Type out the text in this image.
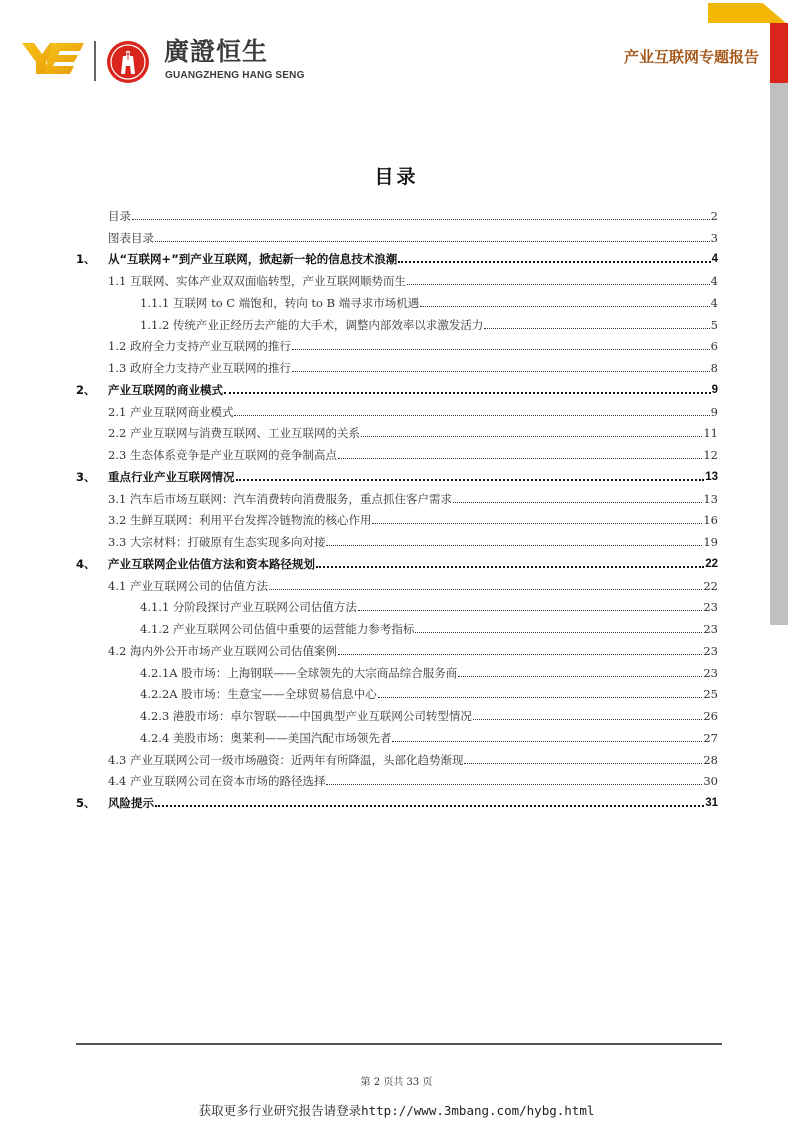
廣證恒生
GUANGZHENG HANG SENG
产业互联网专题报告
目录
目录	2
图表目录	3
1、 从“互联网+”到产业互联网，掀起新一轮的信息技术浪潮	4
1.1 互联网、实体产业双双面临转型，产业互联网顺势而生	4
1.1.1 互联网 to C 端饱和，转向 to B 端寻求市场机遇	4
1.1.2 传统产业正经历去产能的大手术，调整内部效率以求激发活力	5
1.2 政府全力支持产业互联网的推行	6
1.3 政府全力支持产业互联网的推行	8
2、 产业互联网的商业模式	9
2.1 产业互联网商业模式	9
2.2 产业互联网与消费互联网、工业互联网的关系	11
2.3 生态体系竞争是产业互联网的竞争制高点	12
3、 重点行业产业互联网情况	13
3.1 汽车后市场互联网：汽车消费转向消费服务，重点抓住客户需求	13
3.2 生鲜互联网：利用平台发挥冷链物流的核心作用	16
3.3 大宗材料：打破原有生态实现多向对接	19
4、 产业互联网企业估值方法和资本路径规划	22
4.1 产业互联网公司的估值方法	22
4.1.1 分阶段探讨产业互联网公司估值方法	23
4.1.2 产业互联网公司估值中重要的运营能力参考指标	23
4.2 海内外公开市场产业互联网公司估值案例	23
4.2.1A 股市场：上海钢联——全球领先的大宗商品综合服务商	23
4.2.2A 股市场：生意宝——全球贸易信息中心	25
4.2.3 港股市场：卓尔智联——中国典型产业互联网公司转型情况	26
4.2.4 美股市场：奥莱利——美国汽配市场领先者	27
4.3 产业互联网公司一级市场融资：近两年有所降温，头部化趋势渐现	28
4.4 产业互联网公司在资本市场的路径选择	30
5、 风险提示	31
第 2 页共 33 页
获取更多行业研究报告请登录http://www.3mbang.com/hybg.html
